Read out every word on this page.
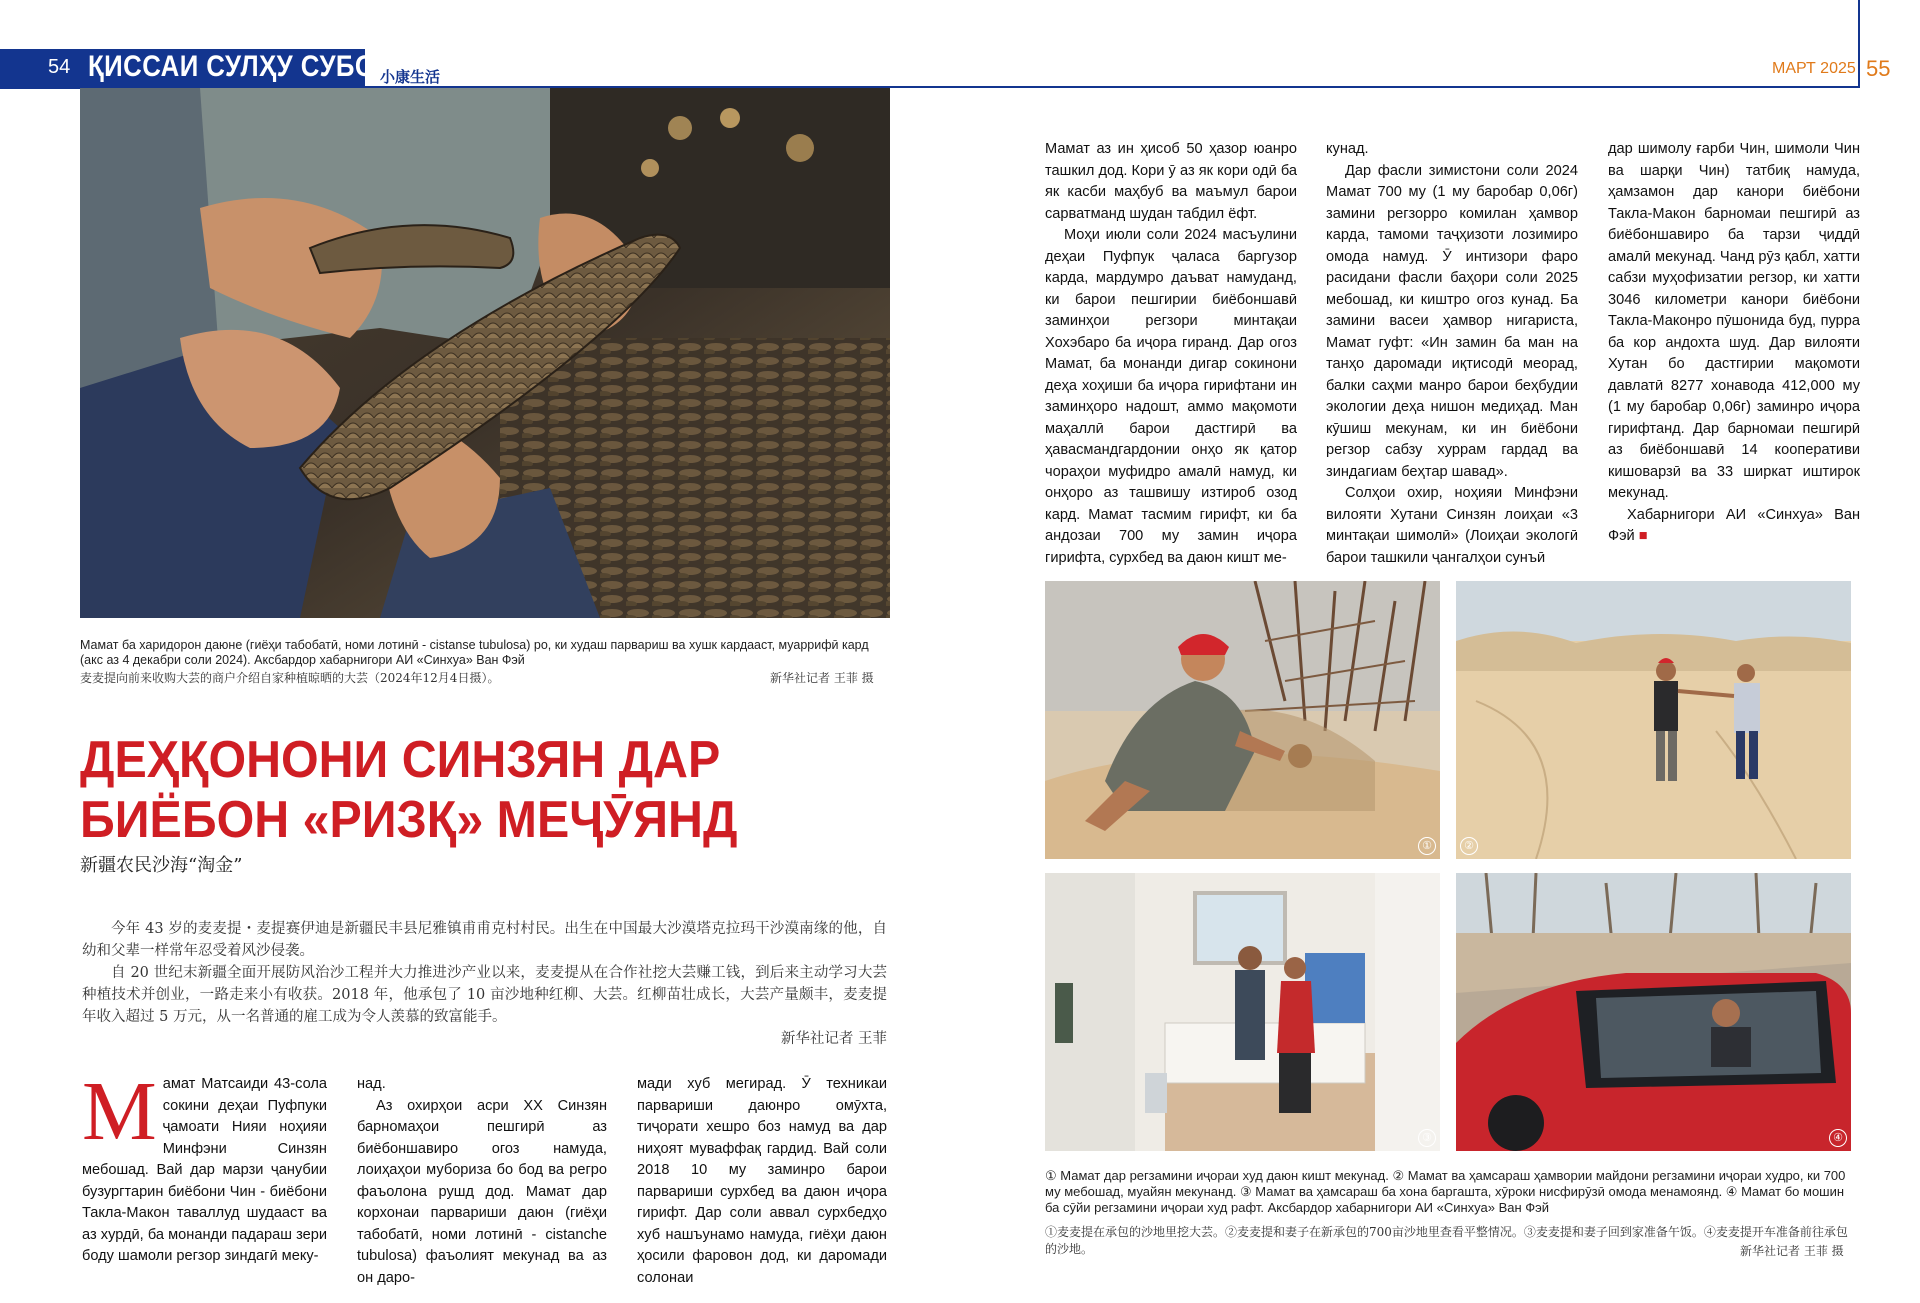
54 ҚИССАИ СУЛҲУ СУБОТ
小康生活	МАРТ 2025 55
Мамат ба харидорон даюне (гиёҳи табобатӣ, номи лотинӣ - cistanse tubulosa) ро, ки худаш парвариш ва хушк кардааст, муаррифӣ кард (акс аз 4 декабри соли 2024). Аксбардор хабарнигори АИ «Синхуа» Ван Фэй
麦麦提向前来收购大芸的商户介绍自家种植晾晒的大芸（2024年12月4日摄）。	新华社记者 王菲 摄
ДЕҲҚОНОНИ СИНЗЯН ДАР
БИЁБОН «РИЗҚ» МЕҶӮЯНД
新疆农民沙海“淘金”

今年 43 岁的麦麦提・麦提赛伊迪是新疆民丰县尼雅镇甫甫克村村民。出生在中国最大沙漠塔克拉玛干沙漠南缘的他，自幼和父辈一样常年忍受着风沙侵袭。

自 20 世纪末新疆全面开展防风治沙工程并大力推进沙产业以来，麦麦提从在合作社挖大芸赚工钱，到后来主动学习大芸种植技术并创业，一路走来小有收获。2018 年，他承包了 10 亩沙地种红柳、大芸。红柳苗壮成长，大芸产量颇丰，麦麦提年收入超过 5 万元，从一名普通的雇工成为令人羡慕的致富能手。

新华社记者 王菲
Мамат Матсаиди 43-сола сокини деҳаи Пуфпуки ҷамоати Нияи ноҳияи Минфэни Синзян мебошад. Вай дар марзи ҷанубии бузургтарин биёбони Чин - биёбони Такла-Макон таваллуд шудааст ва аз хурдӣ, ба монанди падараш зери боду шамоли регзор зиндагӣ меку-

над.

Аз охирҳои асри XX Синзян барномаҳои пешгирӣ аз биёбоншавиро огоз намуда, лоиҳаҳои мубориза бо бод ва регро фаъолона рушд дод. Мамат дар корхонаи парвариши даюн (гиёҳи табобатӣ, номи лотинӣ - cistanche tubulosa) фаъолият мекунад ва аз он даро-

мади хуб мегирад. Ӯ техникаи парвариши даюнро омӯхта, тиҷорати хешро боз намуд ва дар ниҳоят муваффақ гардид. Вай соли 2018 10 му заминро барои парвариши сурхбед ва даюн иҷора гирифт. Дар соли аввал сурхбедҳо хуб нашъунамо намуда, гиёҳи даюн ҳосили фаровон дод, ки даромади солонаи

Мамат аз ин ҳисоб 50 ҳазор юанро ташкил дод. Кори ӯ аз як кори одӣ ба як касби маҳбуб ва маъмул барои сарватманд шудан табдил ёфт.

Моҳи июли соли 2024 масъулини деҳаи Пуфпук ҷаласа баргузор карда, мардумро даъват намуданд, ки барои пешгирии биёбоншавӣ заминҳои регзори минтақаи Хохэбаро ба иҷора гиранд. Дар огоз Мамат, ба монанди дигар сокинони деҳа хоҳиши ба иҷора гирифтани ин заминҳоро надошт, аммо мақомоти маҳаллӣ барои дастгирӣ ва ҳавасмандгардонии онҳо як қатор чораҳои муфидро амалӣ намуд, ки онҳоро аз ташвишу изтироб озод кард. Мамат тасмим гирифт, ки ба андозаи 700 му замин иҷора гирифта, сурхбед ва даюн кишт ме-

кунад.

Дар фасли зимистони соли 2024 Мамат 700 му (1 му баробар 0,06г) замини регзорро комилан ҳамвор карда, тамоми таҷҳизоти лозимиро омода намуд. Ӯ интизори фаро расидани фасли баҳори соли 2025 мебошад, ки киштро огоз кунад. Ба замини васеи ҳамвор нигариста, Мамат гуфт: «Ин замин ба ман на танҳо даромади иқтисодӣ меорад, балки саҳми манро барои беҳбудии экологии деҳа нишон медиҳад. Ман кӯшиш мекунам, ки ин биёбони регзор сабзу хуррам гардад ва зиндагиам беҳтар шавад».

Солҳои охир, ноҳияи Минфэни вилояти Хутани Синзян лоиҳаи «3 минтақаи шимолӣ» (Лоиҳаи экологӣ барои ташкили ҷангалҳои сунъӣ

дар шимолу ғарби Чин, шимоли Чин ва шарқи Чин) татбиқ намуда, ҳамзамон дар канори биёбони Такла-Макон барномаи пешгирӣ аз биёбоншавиро ба тарзи ҷиддӣ амалӣ мекунад. Чанд рӯз қабл, хатти сабзи муҳофизатии регзор, ки хатти 3046 километри канори биёбони Такла-Маконро пӯшонида буд, пурра ба кор андохта шуд. Дар вилояти Хутан бо дастгирии мақомоти давлатӣ 8277 хонавода 412,000 му (1 му баробар 0,06г) заминро иҷора гирифтанд. Дар барномаи пешгирӣ аз биёбоншавӣ 14 кооперативи кишоварзӣ ва 33 ширкат иштирок мекунад.

Хабарнигори АИ «Синхуа» Ван Фэй ■

①	②
③	④
① Мамат дар регзамини иҷораи худ даюн кишт мекунад. ② Мамат ва ҳамсараш ҳамвории майдони регзамини иҷораи худро, ки 700 му мебошад, муайян мекунанд. ③ Мамат ва ҳамсараш ба хона баргашта, хӯроки нисфирӯзӣ омода менамоянд. ④ Мамат бо мошин ба сӯйи регзамини иҷораи худ рафт. Аксбардор хабарнигори АИ «Синхуа» Ван Фэй
①麦麦提在承包的沙地里挖大芸。②麦麦提和妻子在新承包的700亩沙地里查看平整情况。③麦麦提和妻子回到家准备午饭。④麦麦提开车准备前往承包的沙地。	新华社记者 王菲 摄
